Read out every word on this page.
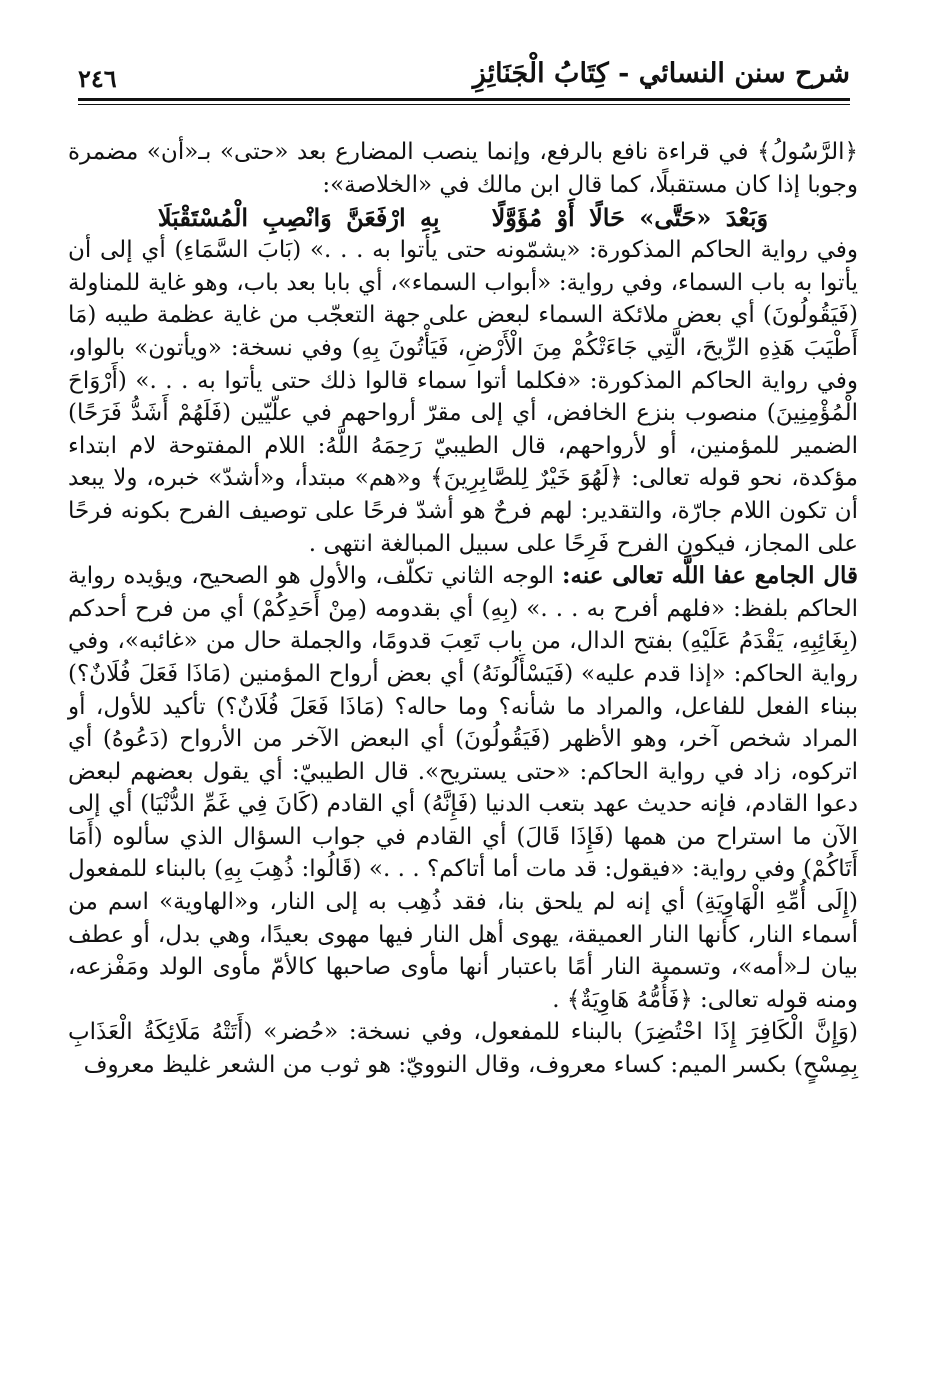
شرح سنن النسائي - كِتَابُ الْجَنَائِزِ
٢٤٦

﴿الرَّسُولُ﴾ في قراءة نافع بالرفع، وإنما ينصب المضارع بعد «حتى» بـ«أن» مضمرة وجوبا إذا كان مستقبلًا، كما قال ابن مالك في «الخلاصة»:

وَبَعْدَ «حَتَّى» حَالًا أَوْ مُؤَوَّلًابِهِ ارْفَعَنَّ وَانْصِبِ الْمُسْتَقْبَلَا

وفي رواية الحاكم المذكورة: «يشمّونه حتى يأتوا به . . .» (بَابَ السَّمَاءِ) أي إلى أن يأتوا به باب السماء، وفي رواية: «أبواب السماء»، أي بابا بعد باب، وهو غاية للمناولة (فَيَقُولُونَ) أي بعض ملائكة السماء لبعض على جهة التعجّب من غاية عظمة طيبه (مَا أَطْيَبَ هَذِهِ الرِّيحَ، الَّتِي جَاءَتْكُمْ مِنَ الْأَرْضِ، فَيَأْتُونَ بِهِ) وفي نسخة: «ويأتون» بالواو، وفي رواية الحاكم المذكورة: «فكلما أتوا سماء قالوا ذلك حتى يأتوا به . . .» (أَرْوَاحَ الْمُؤْمِنِينَ) منصوب بنزع الخافض، أي إلى مقرّ أرواحهم في علّيّين (فَلَهُمْ أَشَدُّ فَرَحًا) الضمير للمؤمنين، أو لأرواحهم، قال الطيبيّ رَحِمَهُ اللَّهُ: اللام المفتوحة لام ابتداء مؤكدة، نحو قوله تعالى: ﴿لَهُوَ خَيْرٌ لِلصَّابِرِينَ﴾ و«هم» مبتدأ، و«أشدّ» خبره، ولا يبعد أن تكون اللام جارّة، والتقدير: لهم فرحٌ هو أشدّ فرحًا على توصيف الفرح بكونه فرحًا على المجاز، فيكون الفرح فَرِحًا على سبيل المبالغة انتهى .

قال الجامع عفا اللَّه تعالى عنه: الوجه الثاني تكلّف، والأول هو الصحيح، ويؤيده رواية الحاكم بلفظ: «فلهم أفرح به . . .» (بِهِ) أي بقدومه (مِنْ أَحَدِكُمْ) أي من فرح أحدكم (بِغَائِبِهِ، يَقْدَمُ عَلَيْهِ) بفتح الدال، من باب تَعِبَ قدومًا، والجملة حال من «غائبه»، وفي رواية الحاكم: «إذا قدم عليه» (فَيَسْأَلُونَهُ) أي بعض أرواح المؤمنين (مَاذَا فَعَلَ فُلَانٌ؟) ببناء الفعل للفاعل، والمراد ما شأنه؟ وما حاله؟ (مَاذَا فَعَلَ فُلَانٌ؟) تأكيد للأول، أو المراد شخص آخر، وهو الأظهر (فَيَقُولُونَ) أي البعض الآخر من الأرواح (دَعُوهُ) أي اتركوه، زاد في رواية الحاكم: «حتى يستريح». قال الطيبيّ: أي يقول بعضهم لبعض دعوا القادم، فإنه حديث عهد بتعب الدنيا (فَإِنَّهُ) أي القادم (كَانَ فِي غَمِّ الدُّنْيَا) أي إلى الآن ما استراح من همها (فَإِذَا قَالَ) أي القادم في جواب السؤال الذي سألوه (أَمَا أَتَاكُمْ) وفي رواية: «فيقول: قد مات أما أتاكم؟ . . .» (قَالُوا: ذُهِبَ بِهِ) بالبناء للمفعول (إِلَى أُمِّهِ الْهَاوِيَةِ) أي إنه لم يلحق بنا، فقد ذُهِب به إلى النار، و«الهاوية» اسم من أسماء النار، كأنها النار العميقة، يهوى أهل النار فيها مهوى بعيدًا، وهي بدل، أو عطف بيان لـ«أمه»، وتسمية النار أمًا باعتبار أنها مأوى صاحبها كالأمّ مأوى الولد ومَفْزعه، ومنه قوله تعالى: ﴿فَأُمُّهُ هَاوِيَةٌ﴾ .

(وَإِنَّ الْكَافِرَ إِذَا احْتُضِرَ) بالبناء للمفعول، وفي نسخة: «حُضر» (أَتَتْهُ مَلَائِكَةُ الْعَذَابِ بِمِسْحٍ) بكسر الميم: كساء معروف، وقال النوويّ: هو ثوب من الشعر غليظ معروف
